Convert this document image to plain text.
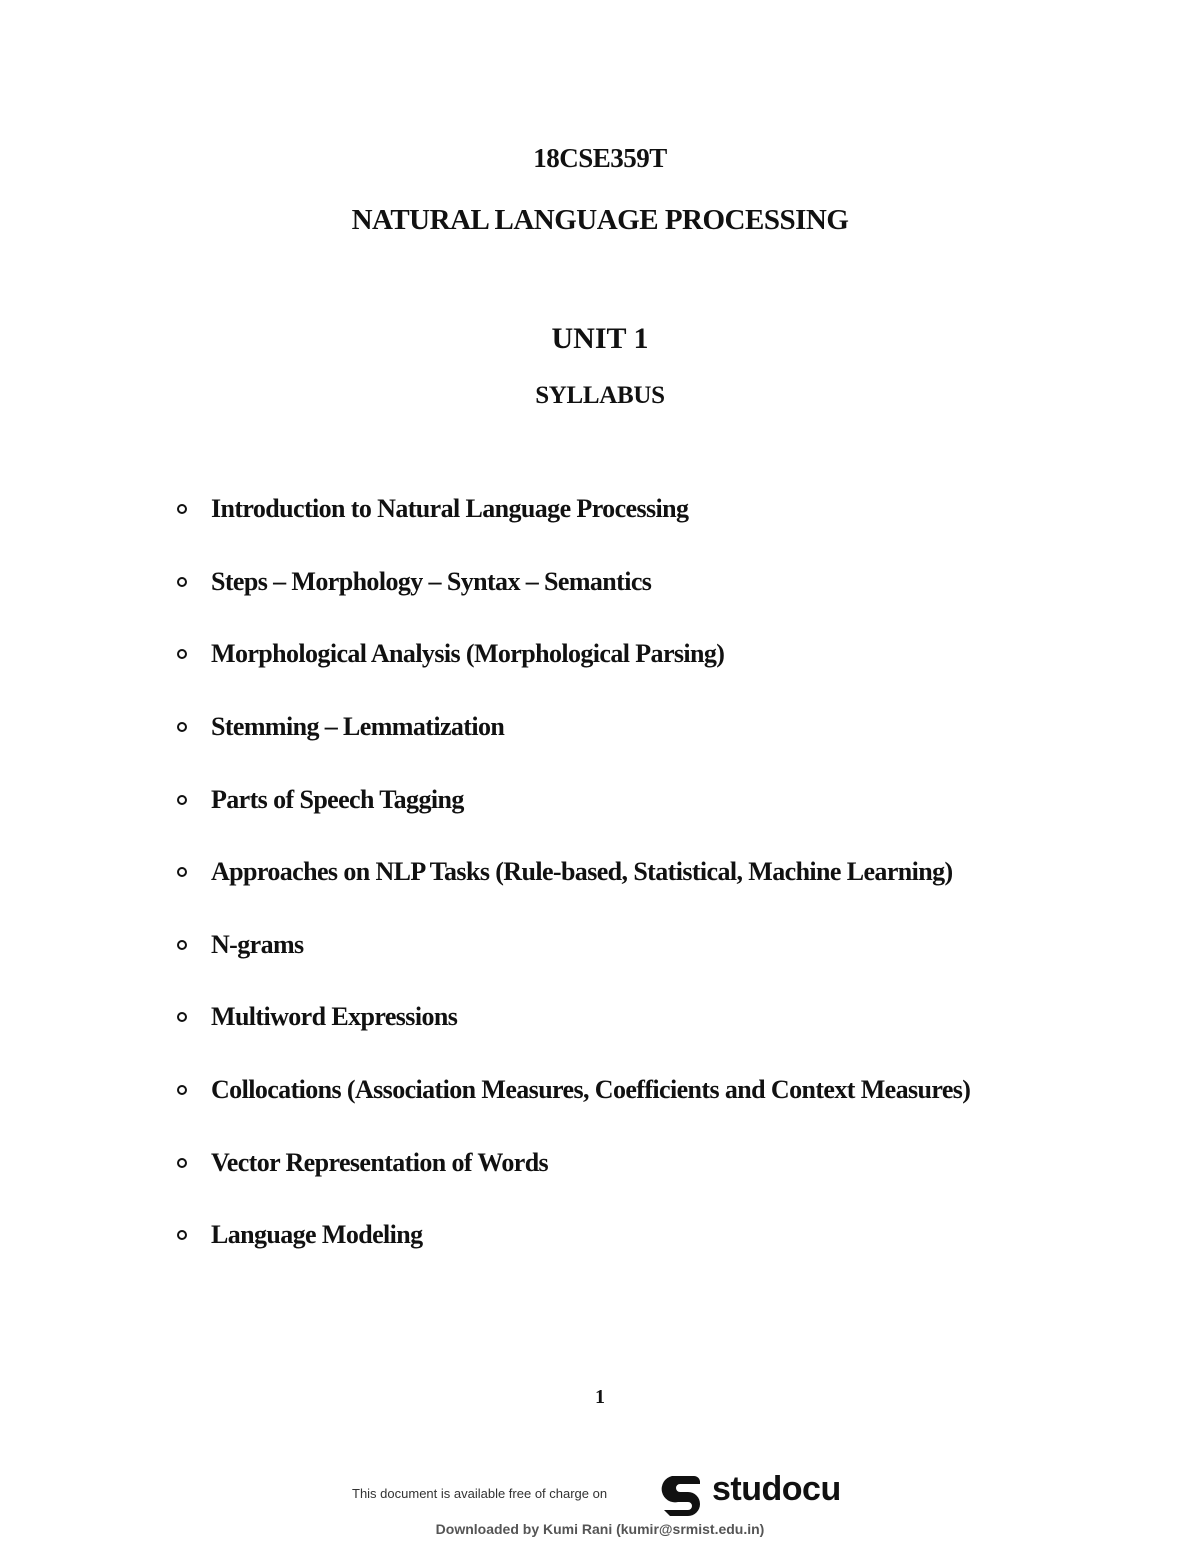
18CSE359T
NATURAL LANGUAGE PROCESSING
UNIT 1
SYLLABUS
Introduction to Natural Language Processing
Steps – Morphology – Syntax – Semantics
Morphological Analysis (Morphological Parsing)
Stemming – Lemmatization
Parts of Speech Tagging
Approaches on NLP Tasks (Rule-based, Statistical, Machine Learning)
N-grams
Multiword Expressions
Collocations (Association Measures, Coefficients and Context Measures)
Vector Representation of Words
Language Modeling
1
This document is available free of charge on	studocu
Downloaded by Kumi Rani (kumir@srmist.edu.in)
